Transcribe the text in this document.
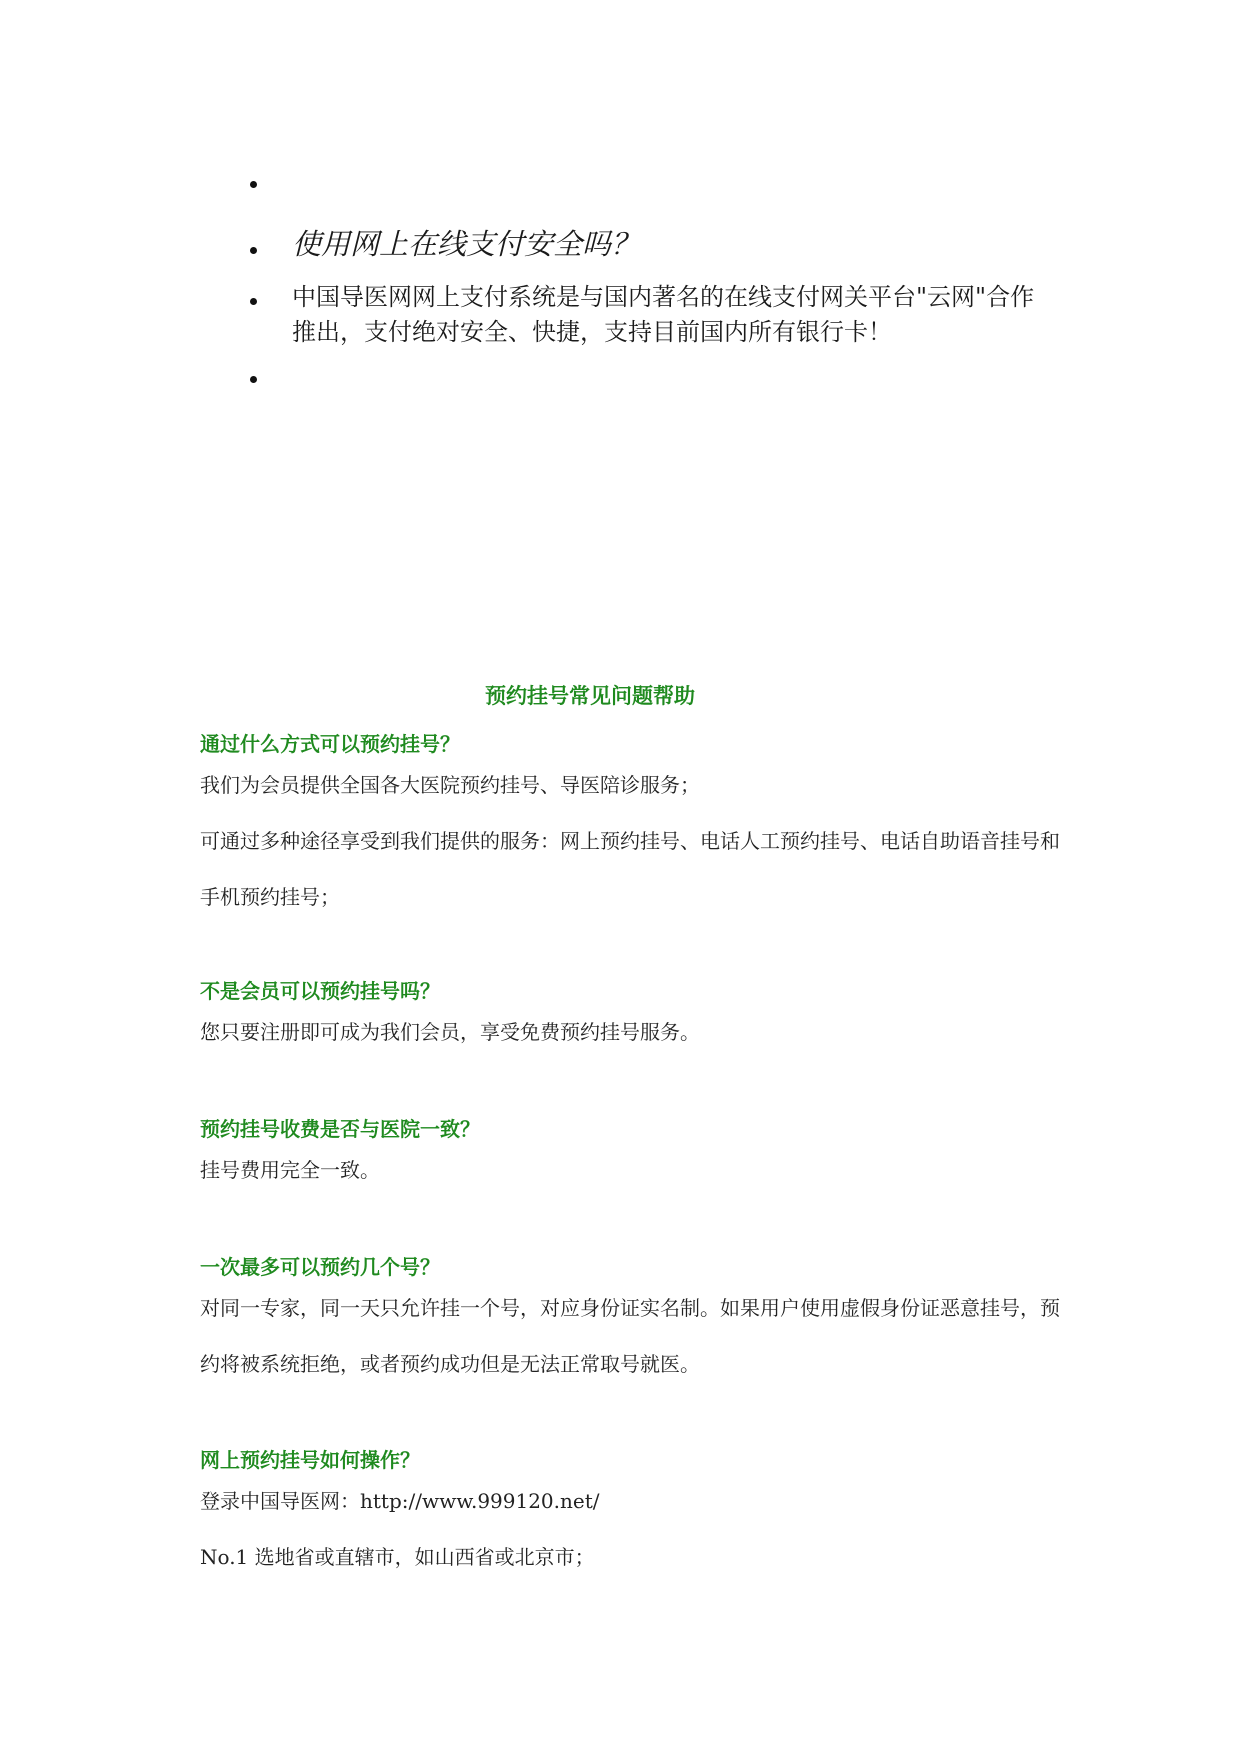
使用网上在线支付安全吗？
中国导医网网上支付系统是与国内著名的在线支付网关平台"云网"合作推出，支付绝对安全、快捷，支持目前国内所有银行卡！
预约挂号常见问题帮助
通过什么方式可以预约挂号？

我们为会员提供全国各大医院预约挂号、导医陪诊服务；

可通过多种途径享受到我们提供的服务：网上预约挂号、电话人工预约挂号、电话自助语音挂号和手机预约挂号；

不是会员可以预约挂号吗？

您只要注册即可成为我们会员，享受免费预约挂号服务。

预约挂号收费是否与医院一致？

挂号费用完全一致。

一次最多可以预约几个号？

对同一专家，同一天只允许挂一个号，对应身份证实名制。如果用户使用虚假身份证恶意挂号，预约将被系统拒绝，或者预约成功但是无法正常取号就医。

网上预约挂号如何操作？

登录中国导医网：http://www.999120.net/

No.1 选地省或直辖市，如山西省或北京市；
